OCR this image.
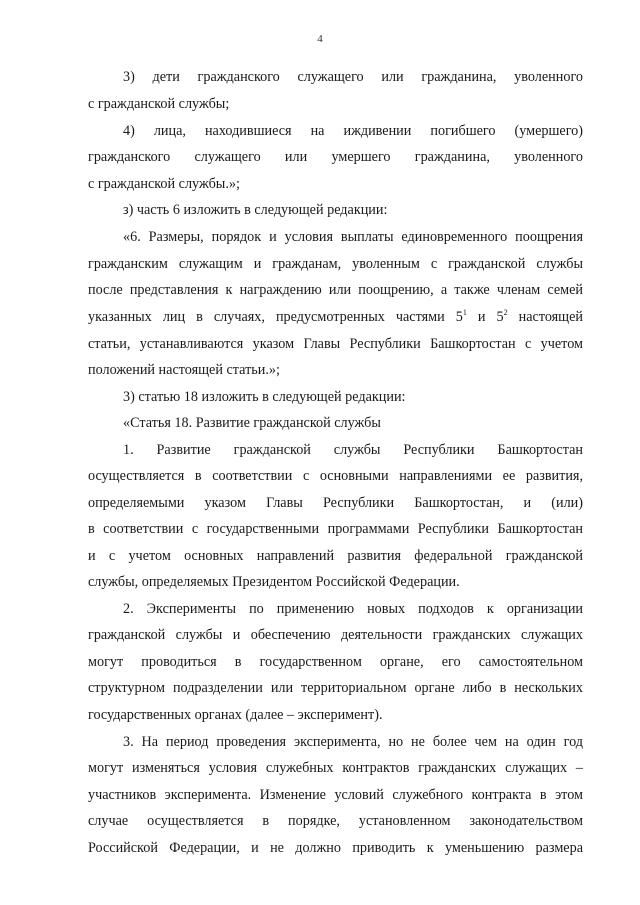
4
3) дети гражданского служащего или гражданина, уволенного
с гражданской службы;
4) лица, находившиеся на иждивении погибшего (умершего)
гражданского служащего или умершего гражданина, уволенного
с гражданской службы.»;
з) часть 6 изложить в следующей редакции:
«6. Размеры, порядок и условия выплаты единовременного поощрения
гражданским служащим и гражданам, уволенным с гражданской службы
после представления к награждению или поощрению, а также членам семей
указанных лиц в случаях, предусмотренных частями $5^1$ и $5^2$ настоящей
статьи, устанавливаются указом Главы Республики Башкортостан с учетом
положений настоящей статьи.»;
3) статью 18 изложить в следующей редакции:
«Статья 18. Развитие гражданской службы
1. Развитие гражданской службы Республики Башкортостан
осуществляется в соответствии с основными направлениями ее развития,
определяемыми указом Главы Республики Башкортостан, и (или)
в соответствии с государственными программами Республики Башкортостан
и с учетом основных направлений развития федеральной гражданской
службы, определяемых Президентом Российской Федерации.
2. Эксперименты по применению новых подходов к организации
гражданской службы и обеспечению деятельности гражданских служащих
могут проводиться в государственном органе, его самостоятельном
структурном подразделении или территориальном органе либо в нескольких
государственных органах (далее – эксперимент).
3. На период проведения эксперимента, но не более чем на один год
могут изменяться условия служебных контрактов гражданских служащих –
участников эксперимента. Изменение условий служебного контракта в этом
случае осуществляется в порядке, установленном законодательством
Российской Федерации, и не должно приводить к уменьшению размера
